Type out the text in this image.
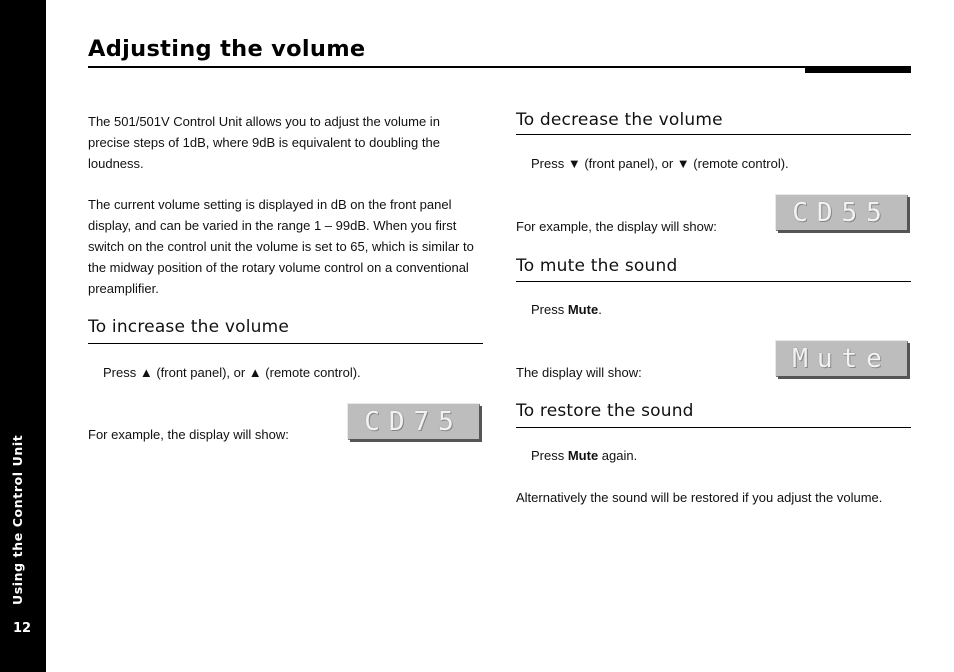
Using the Control Unit
12
Adjusting the volume

The 501/501V Control Unit allows you to adjust the volume in precise steps of 1dB, where 9dB is equivalent to doubling the loudness.

The current volume setting is displayed in dB on the front panel display, and can be varied in the range 1 – 99dB. When you first switch on the control unit the volume is set to 65, which is similar to the midway position of the rotary volume control on a conventional preamplifier.

To increase the volume

Press ▲ (front panel), or ▲ (remote control).

For example, the display will show:	CD75
To decrease the volume

Press ▼ (front panel), or ▼ (remote control).

For example, the display will show:	CD55
To mute the sound

Press Mute.

The display will show:	Mute
To restore the sound

Press Mute again.

Alternatively the sound will be restored if you adjust the volume.
